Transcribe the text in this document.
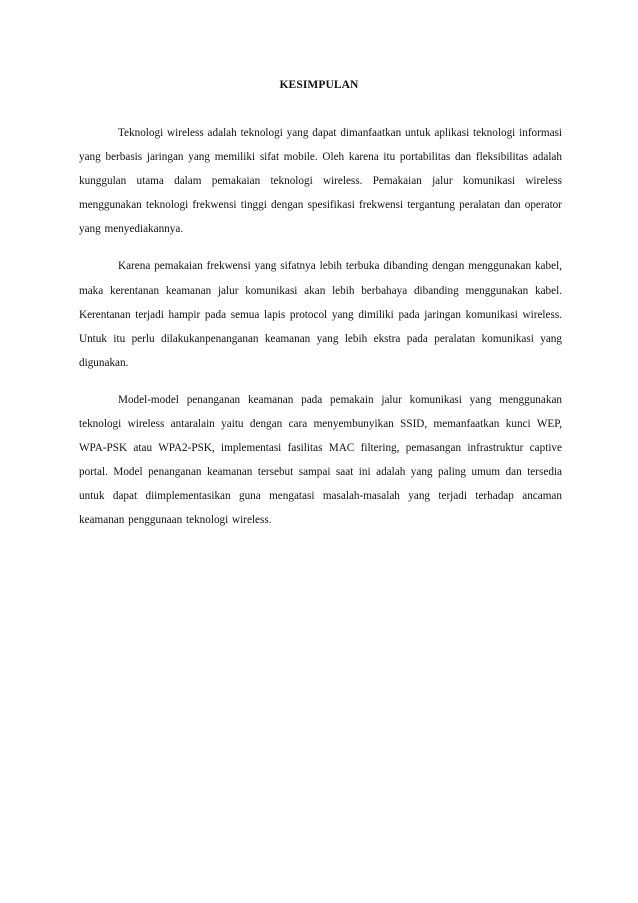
KESIMPULAN

Teknologi wireless adalah teknologi yang dapat dimanfaatkan untuk aplikasi teknologi informasi yang berbasis jaringan yang memiliki sifat mobile. Oleh karena itu portabilitas dan fleksibilitas adalah kunggulan utama dalam pemakaian teknologi wireless. Pemakaian jalur komunikasi wireless menggunakan teknologi frekwensi tinggi dengan spesifikasi frekwensi tergantung peralatan dan operator yang menyediakannya.

Karena pemakaian frekwensi yang sifatnya lebih terbuka dibanding dengan menggunakan kabel, maka kerentanan keamanan jalur komunikasi akan lebih berbahaya dibanding menggunakan kabel. Kerentanan terjadi hampir pada semua lapis protocol yang dimiliki pada jaringan komunikasi wireless. Untuk itu perlu dilakukanpenanganan keamanan yang lebih ekstra pada peralatan komunikasi yang digunakan.

Model-model penanganan keamanan pada pemakain jalur komunikasi yang menggunakan teknologi wireless antaralain yaitu dengan cara menyembunyikan SSID, memanfaatkan kunci WEP, WPA-PSK atau WPA2-PSK, implementasi fasilitas MAC filtering, pemasangan infrastruktur captive portal. Model penanganan keamanan tersebut sampai saat ini adalah yang paling umum dan tersedia untuk dapat diimplementasikan guna mengatasi masalah-masalah yang terjadi terhadap ancaman keamanan penggunaan teknologi wireless.
